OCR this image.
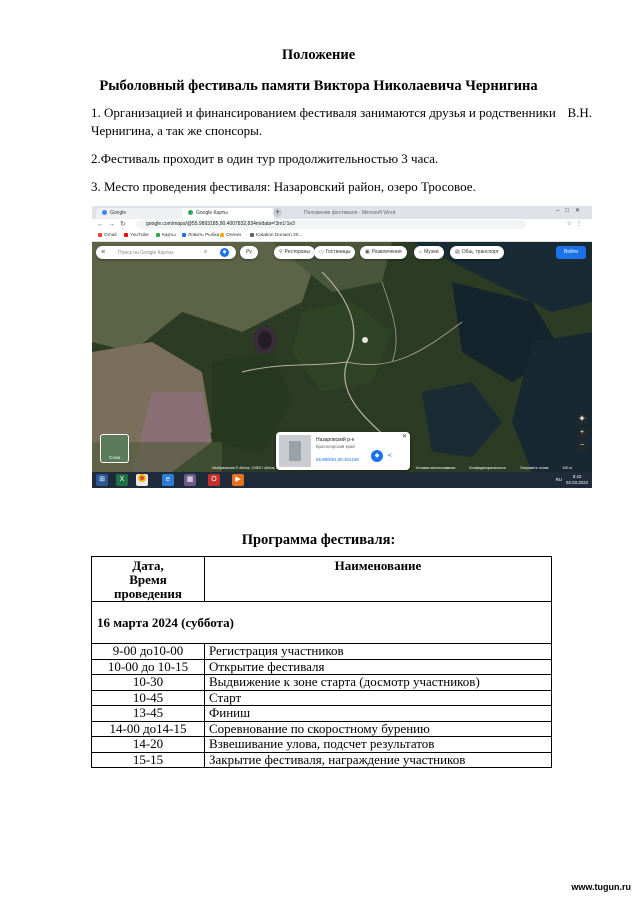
Положение
Рыболовный фестиваль памяти Виктора Николаевича Чернигина
1. Организацией и финансированием фестиваля занимаются друзья и родственники В.Н.
Чернигина, а так же спонсоры.
2.Фестиваль проходит в один тур продолжительностью 3 часа.
3. Место проведения фестиваля: Назаровский район, озеро Тросовое.
Google	Google Карты	+	Положение фестиваля - Microsoft Word	–□✕
← → ↻	google.com/maps/@55.9893185,90.4007832,834m/data=!3m1!1e3	☆⋮
Gmail	YouTube	Карты	Ловить Рыбка	Onewo	Katakon Dunaen 20...
≡	Поиск на Google Картах	⌕	◆	Ру	⚲ Рестораны	▭ Гостиницы	▣ Развлечения	⌂ Музеи	▤ Общ. транспорт	Войти
Слои
Назаровский р-н
Красноярский край
55.990061,90.402199
◆	≺
✕
◈
+
−
Изображения © Airbus, CNES / Airbus, Maxar Technologies 2023 Картографические данные © 2023	Россия	Условия использования	Конфиденциальность	Отправить отзыв	100 м
⊞	X	e	▦	O	▶	RU
8:42
02.03.2023
Программа фестиваля:
Дата,
Время проведения	Наименование
16 марта 2024 (суббота)	
9-00 до10-00	Регистрация участников
10-00 до 10-15	Открытие фестиваля
10-30	Выдвижение к зоне старта (досмотр участников)
10-45	Старт
13-45	Финиш
14-00 до14-15	Соревнование по скоростному бурению
14-20	Взвешивание улова, подсчет результатов
15-15	Закрытие фестиваля, награждение участников
www.tugun.ru
